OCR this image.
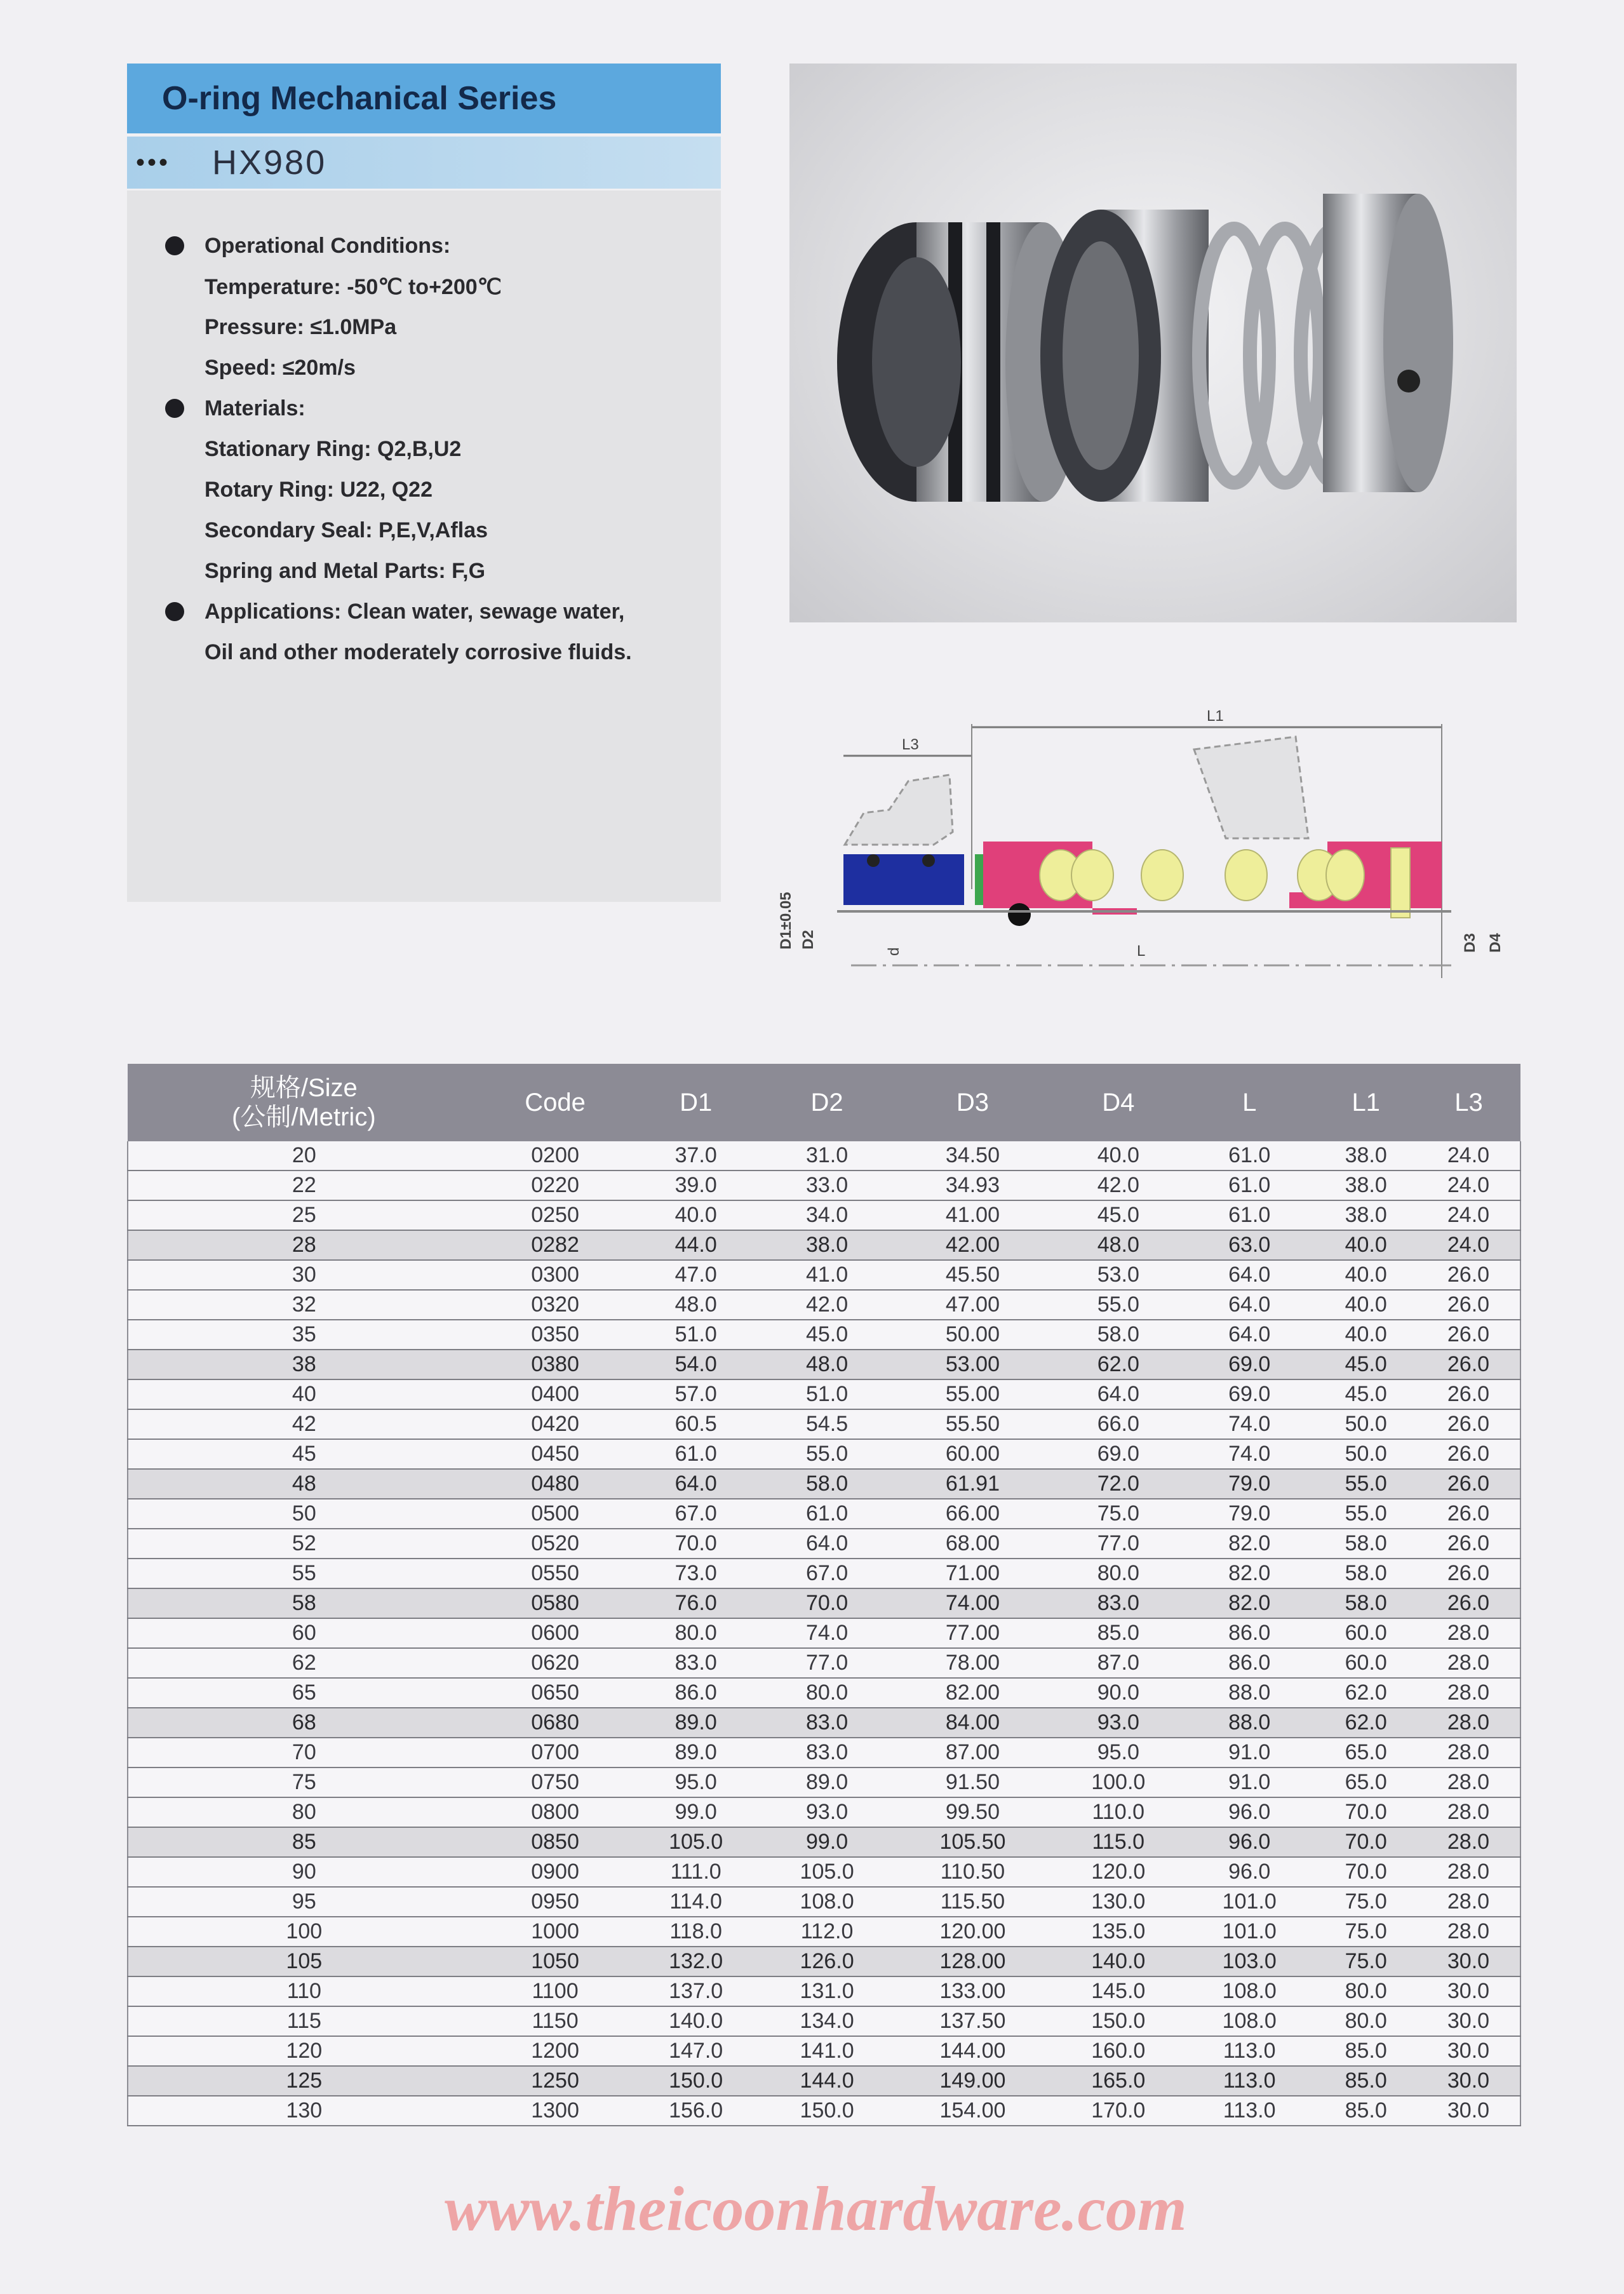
O-ring Mechanical Series
•••	HX980
Operational Conditions:
Temperature: -50℃ to+200℃
Pressure: ≤1.0MPa
Speed: ≤20m/s
Materials:
Stationary Ring: Q2,B,U2
Rotary Ring: U22, Q22
Secondary Seal: P,E,V,Aflas
Spring and Metal Parts: F,G
Applications: Clean water, sewage water,
Oil and other moderately corrosive fluids.
L1
L3
L
d
D1±0.05 D2	D3 D4
规格/Size
(公制/Metric)	Code	D1	D2	D3	D4	L	L1	L3
20	0200	37.0	31.0	34.50	40.0	61.0	38.0	24.0
22	0220	39.0	33.0	34.93	42.0	61.0	38.0	24.0
25	0250	40.0	34.0	41.00	45.0	61.0	38.0	24.0
28	0282	44.0	38.0	42.00	48.0	63.0	40.0	24.0
30	0300	47.0	41.0	45.50	53.0	64.0	40.0	26.0
32	0320	48.0	42.0	47.00	55.0	64.0	40.0	26.0
35	0350	51.0	45.0	50.00	58.0	64.0	40.0	26.0
38	0380	54.0	48.0	53.00	62.0	69.0	45.0	26.0
40	0400	57.0	51.0	55.00	64.0	69.0	45.0	26.0
42	0420	60.5	54.5	55.50	66.0	74.0	50.0	26.0
45	0450	61.0	55.0	60.00	69.0	74.0	50.0	26.0
48	0480	64.0	58.0	61.91	72.0	79.0	55.0	26.0
50	0500	67.0	61.0	66.00	75.0	79.0	55.0	26.0
52	0520	70.0	64.0	68.00	77.0	82.0	58.0	26.0
55	0550	73.0	67.0	71.00	80.0	82.0	58.0	26.0
58	0580	76.0	70.0	74.00	83.0	82.0	58.0	26.0
60	0600	80.0	74.0	77.00	85.0	86.0	60.0	28.0
62	0620	83.0	77.0	78.00	87.0	86.0	60.0	28.0
65	0650	86.0	80.0	82.00	90.0	88.0	62.0	28.0
68	0680	89.0	83.0	84.00	93.0	88.0	62.0	28.0
70	0700	89.0	83.0	87.00	95.0	91.0	65.0	28.0
75	0750	95.0	89.0	91.50	100.0	91.0	65.0	28.0
80	0800	99.0	93.0	99.50	110.0	96.0	70.0	28.0
85	0850	105.0	99.0	105.50	115.0	96.0	70.0	28.0
90	0900	111.0	105.0	110.50	120.0	96.0	70.0	28.0
95	0950	114.0	108.0	115.50	130.0	101.0	75.0	28.0
100	1000	118.0	112.0	120.00	135.0	101.0	75.0	28.0
105	1050	132.0	126.0	128.00	140.0	103.0	75.0	30.0
110	1100	137.0	131.0	133.00	145.0	108.0	80.0	30.0
115	1150	140.0	134.0	137.50	150.0	108.0	80.0	30.0
120	1200	147.0	141.0	144.00	160.0	113.0	85.0	30.0
125	1250	150.0	144.0	149.00	165.0	113.0	85.0	30.0
130	1300	156.0	150.0	154.00	170.0	113.0	85.0	30.0
www.theicoonhardware.com
